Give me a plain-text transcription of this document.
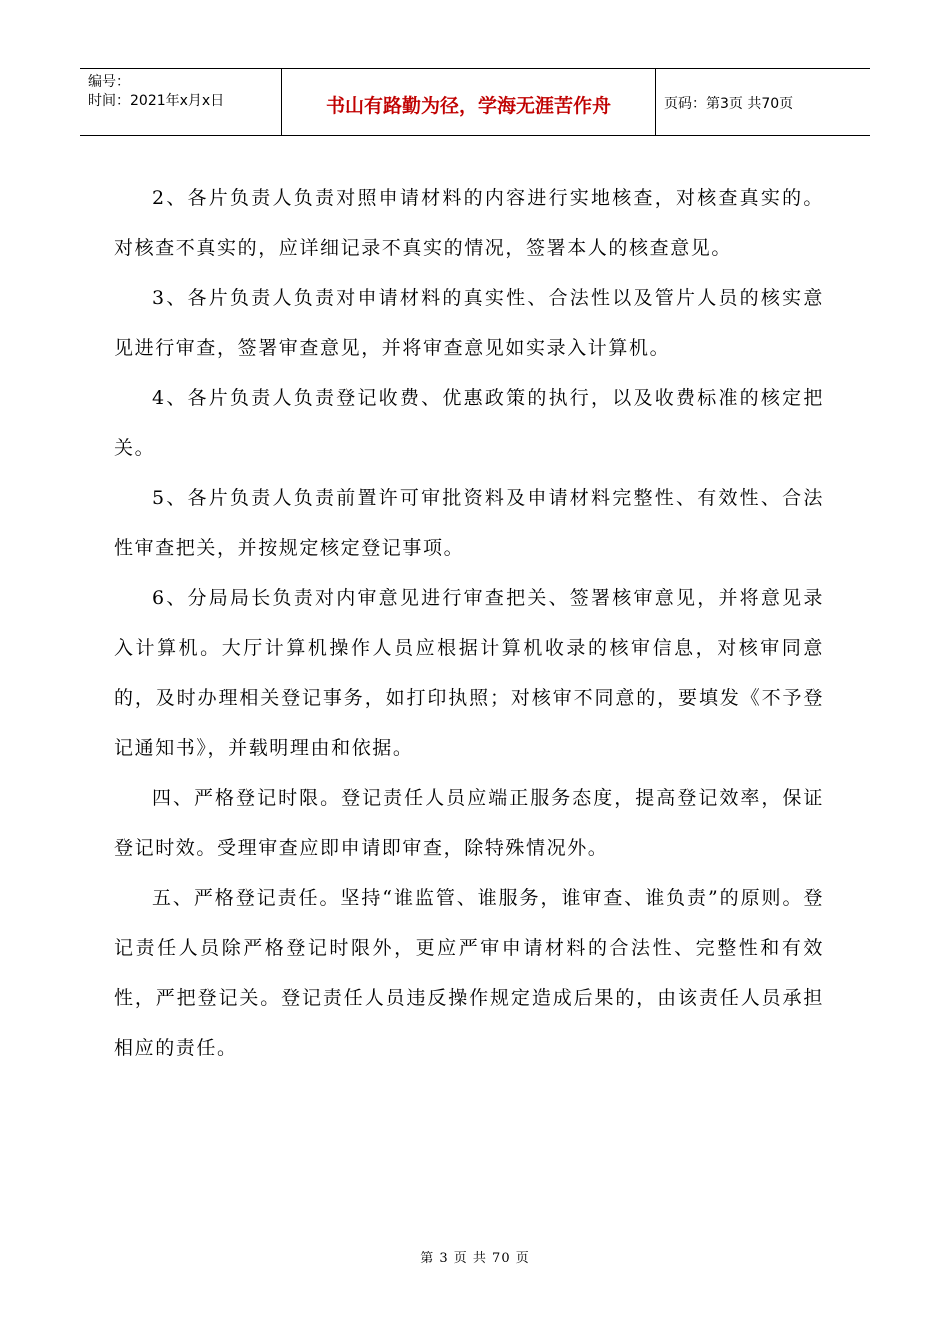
编号：
时间：2021年x月x日	书山有路勤为径，学海无涯苦作舟	页码：第3页 共70页

2、各片负责人负责对照申请材料的内容进行实地核查，对核查真实的。对核查不真实的，应详细记录不真实的情况，签署本人的核查意见。

3、各片负责人负责对申请材料的真实性、合法性以及管片人员的核实意见进行审查，签署审查意见，并将审查意见如实录入计算机。

4、各片负责人负责登记收费、优惠政策的执行，以及收费标准的核定把关。

5、各片负责人负责前置许可审批资料及申请材料完整性、有效性、合法性审查把关，并按规定核定登记事项。

6、分局局长负责对内审意见进行审查把关、签署核审意见，并将意见录入计算机。大厅计算机操作人员应根据计算机收录的核审信息，对核审同意的，及时办理相关登记事务，如打印执照；对核审不同意的，要填发《不予登记通知书》，并载明理由和依据。

四、严格登记时限。登记责任人员应端正服务态度，提高登记效率，保证登记时效。受理审查应即申请即审查，除特殊情况外。

五、严格登记责任。坚持“谁监管、谁服务，谁审查、谁负责”的原则。登记责任人员除严格登记时限外，更应严审申请材料的合法性、完整性和有效性，严把登记关。登记责任人员违反操作规定造成后果的，由该责任人员承担相应的责任。

第 3 页 共 70 页
